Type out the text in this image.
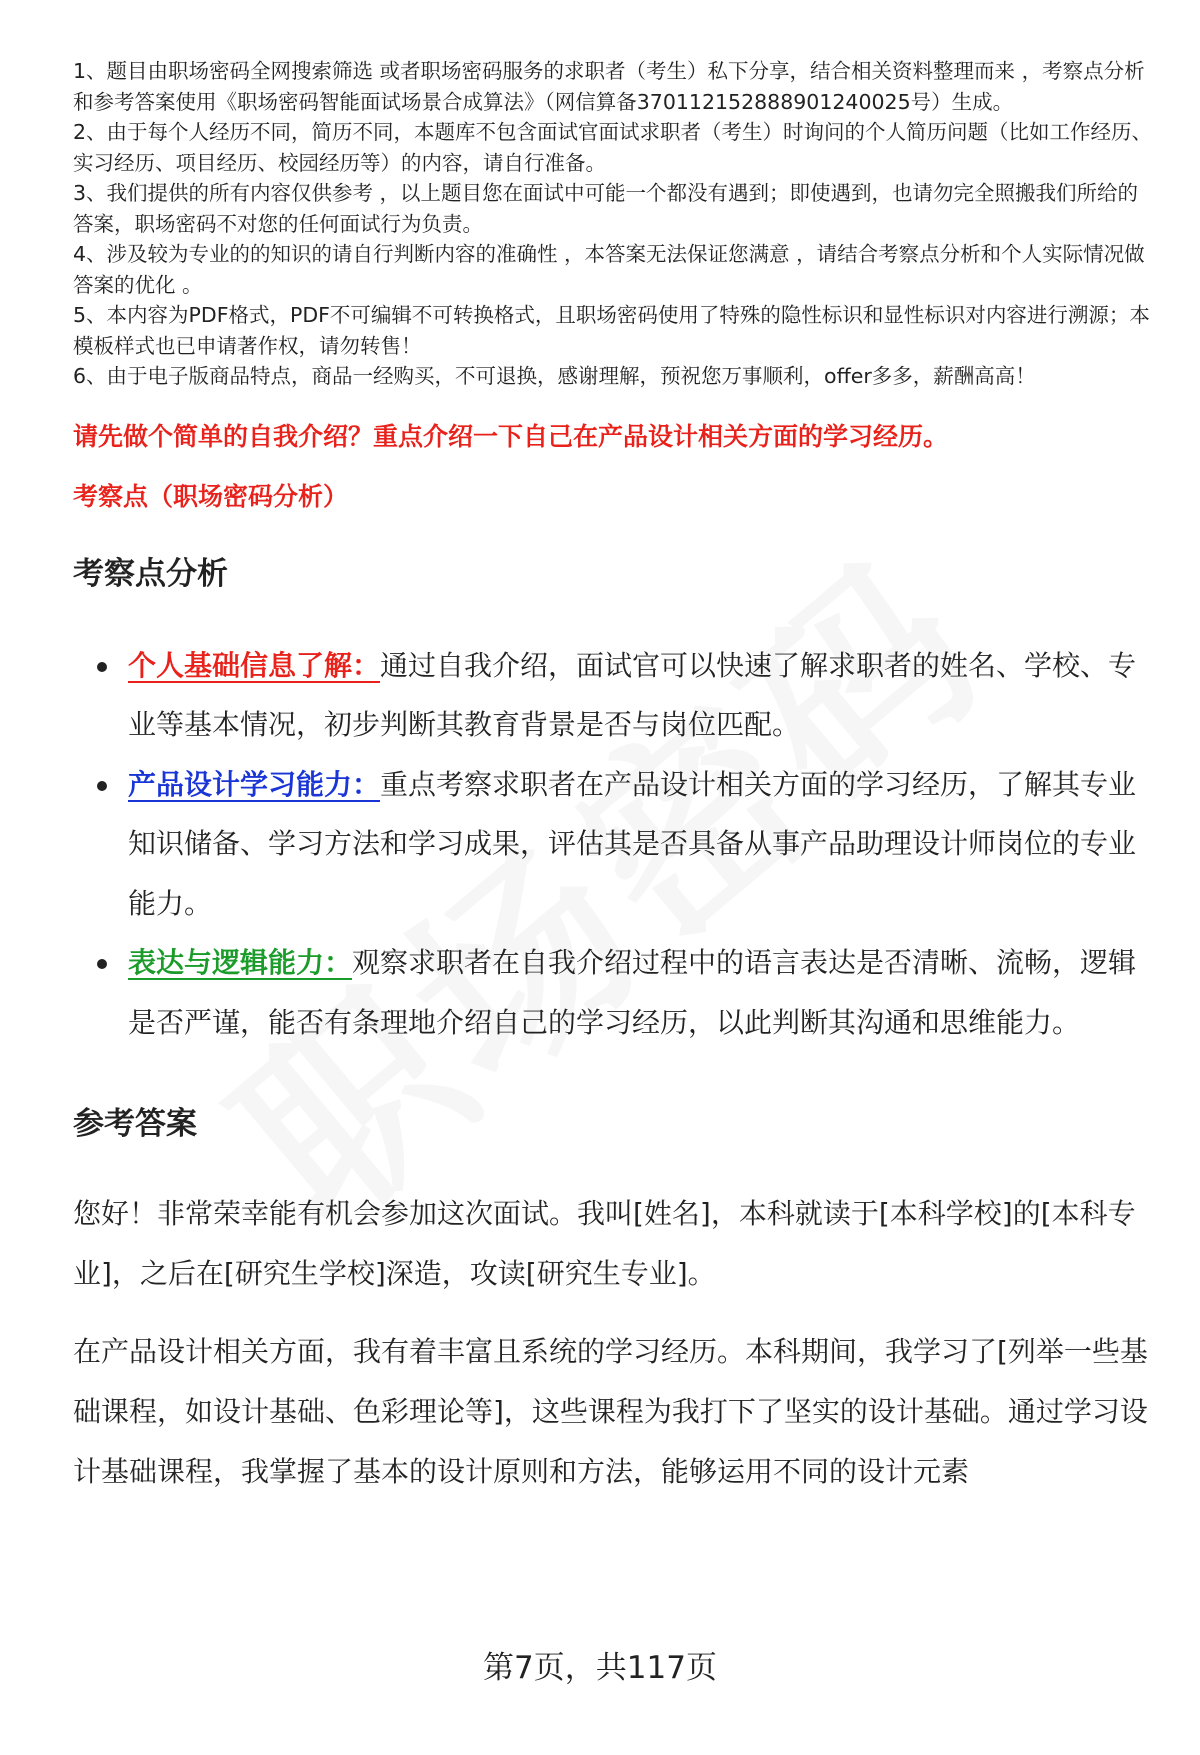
1、题目由职场密码全网搜索筛选 或者职场密码服务的求职者（考生）私下分享，结合相关资料整理而来 ，考察点分析和参考答案使用《职场密码智能面试场景合成算法》（网信算备370112152888901240025号）生成。
2、由于每个人经历不同，简历不同，本题库不包含面试官面试求职者（考生）时询问的个人简历问题（比如工作经历、实习经历、项目经历、校园经历等）的内容，请自行准备。
3、我们提供的所有内容仅供参考 ，以上题目您在面试中可能一个都没有遇到；即使遇到，也请勿完全照搬我们所给的答案，职场密码不对您的任何面试行为负责。
4、涉及较为专业的的知识的请自行判断内容的准确性 ，本答案无法保证您满意 ，请结合考察点分析和个人实际情况做答案的优化 。
5、本内容为PDF格式，PDF不可编辑不可转换格式，且职场密码使用了特殊的隐性标识和显性标识对内容进行溯源；本模板样式也已申请著作权，请勿转售！
6、由于电子版商品特点，商品一经购买，不可退换，感谢理解，预祝您万事顺利，offer多多，薪酬高高！

请先做个简单的自我介绍？重点介绍一下自己在产品设计相关方面的学习经历。

考察点（职场密码分析）

考察点分析
个人基础信息了解：通过自我介绍，面试官可以快速了解求职者的姓名、学校、专业等基本情况，初步判断其教育背景是否与岗位匹配。
产品设计学习能力：重点考察求职者在产品设计相关方面的学习经历，了解其专业知识储备、学习方法和学习成果，评估其是否具备从事产品助理设计师岗位的专业能力。
表达与逻辑能力：观察求职者在自我介绍过程中的语言表达是否清晰、流畅，逻辑是否严谨，能否有条理地介绍自己的学习经历，以此判断其沟通和思维能力。
参考答案

您好！非常荣幸能有机会参加这次面试。我叫[姓名]，本科就读于[本科学校]的[本科专业]，之后在[研究生学校]深造，攻读[研究生专业]。

在产品设计相关方面，我有着丰富且系统的学习经历。本科期间，我学习了[列举一些基础课程，如设计基础、色彩理论等]，这些课程为我打下了坚实的设计基础。通过学习设计基础课程，我掌握了基本的设计原则和方法，能够运用不同的设计元素

第7页，共117页
